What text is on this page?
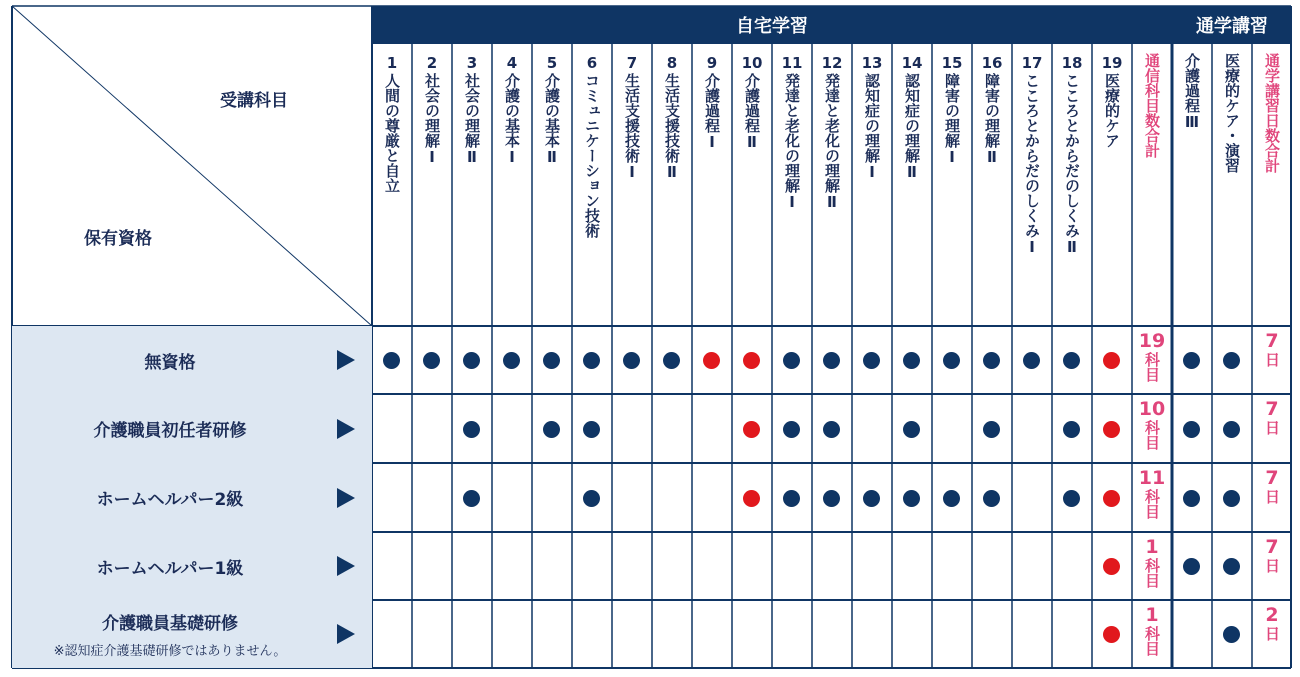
自宅学習	通学講習
受講科目
保有資格
1
人間の尊厳と自立
2
社会の理解Ⅰ
3
社会の理解Ⅱ
4
介護の基本Ⅰ
5
介護の基本Ⅱ
6
コミュニケーション技術
7
生活支援技術Ⅰ
8
生活支援技術Ⅱ
9
介護過程Ⅰ
10
介護過程Ⅱ
11
発達と老化の理解Ⅰ
12
発達と老化の理解Ⅱ
13
認知症の理解Ⅰ
14
認知症の理解Ⅱ
15
障害の理解Ⅰ
16
障害の理解Ⅱ
17
こころとからだのしくみⅠ
18
こころとからだのしくみⅡ
19
医療的ケア 通信科目数合計 介護過程Ⅲ 医療的ケア・演習 通学講習日数合計
無資格
19
科目
7
日
介護職員初任者研修
10
科目
7
日
ホームヘルパー2級
11
科目
7
日
ホームヘルパー1級
1
科目
7
日
介護職員基礎研修
※認知症介護基礎研修ではありません。
1
科目
2
日
